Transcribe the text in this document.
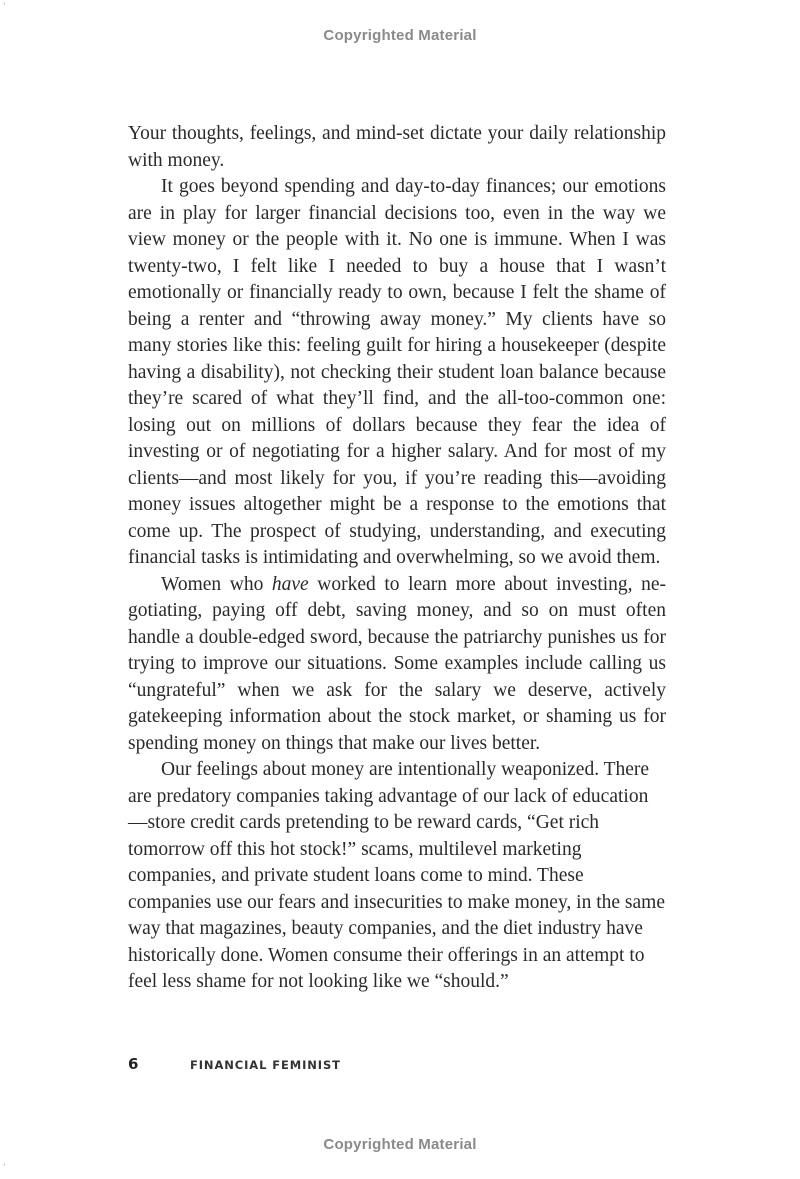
‘
Copyrighted Material

Your thoughts, feelings, and mind-set dictate your daily relationship with money.

It goes beyond spending and day-to-day finances; our emotions are in play for larger financial decisions too, even in the way we view money or the people with it. No one is immune. When I was twenty-two, I felt like I needed to buy a house that I wasn’t emotionally or financially ready to own, because I felt the shame of being a renter and “throwing away money.” My clients have so many stories like this: feeling guilt for hiring a housekeeper (despite having a disability), not checking their student loan balance because they’re scared of what they’ll find, and the all-too-common one: losing out on millions of dollars because they fear the idea of investing or of negotiating for a higher salary. And for most of my clients—and most likely for you, if you’re reading this—avoiding money issues altogether might be a response to the emotions that come up. The prospect of studying, understanding, and executing financial tasks is intimidating and overwhelming, so we avoid them.

Women who have worked to learn more about investing, negotiating, paying off debt, saving money, and so on must often handle a double-edged sword, because the patriarchy punishes us for trying to improve our situations. Some examples include calling us “ungrateful” when we ask for the salary we deserve, actively gatekeeping information about the stock market, or shaming us for spending money on things that make our lives better.

Our feelings about money are intentionally weaponized. There are predatory companies taking advantage of our lack of education—store credit cards pretending to be reward cards, “Get rich tomorrow off this hot stock!” scams, multilevel marketing companies, and private student loans come to mind. These companies use our fears and insecurities to make money, in the same way that magazines, beauty companies, and the diet industry have historically done. Women consume their offerings in an attempt to feel less shame for not looking like we “should.”

6	FINANCIAL FEMINIST
Copyrighted Material
‘
